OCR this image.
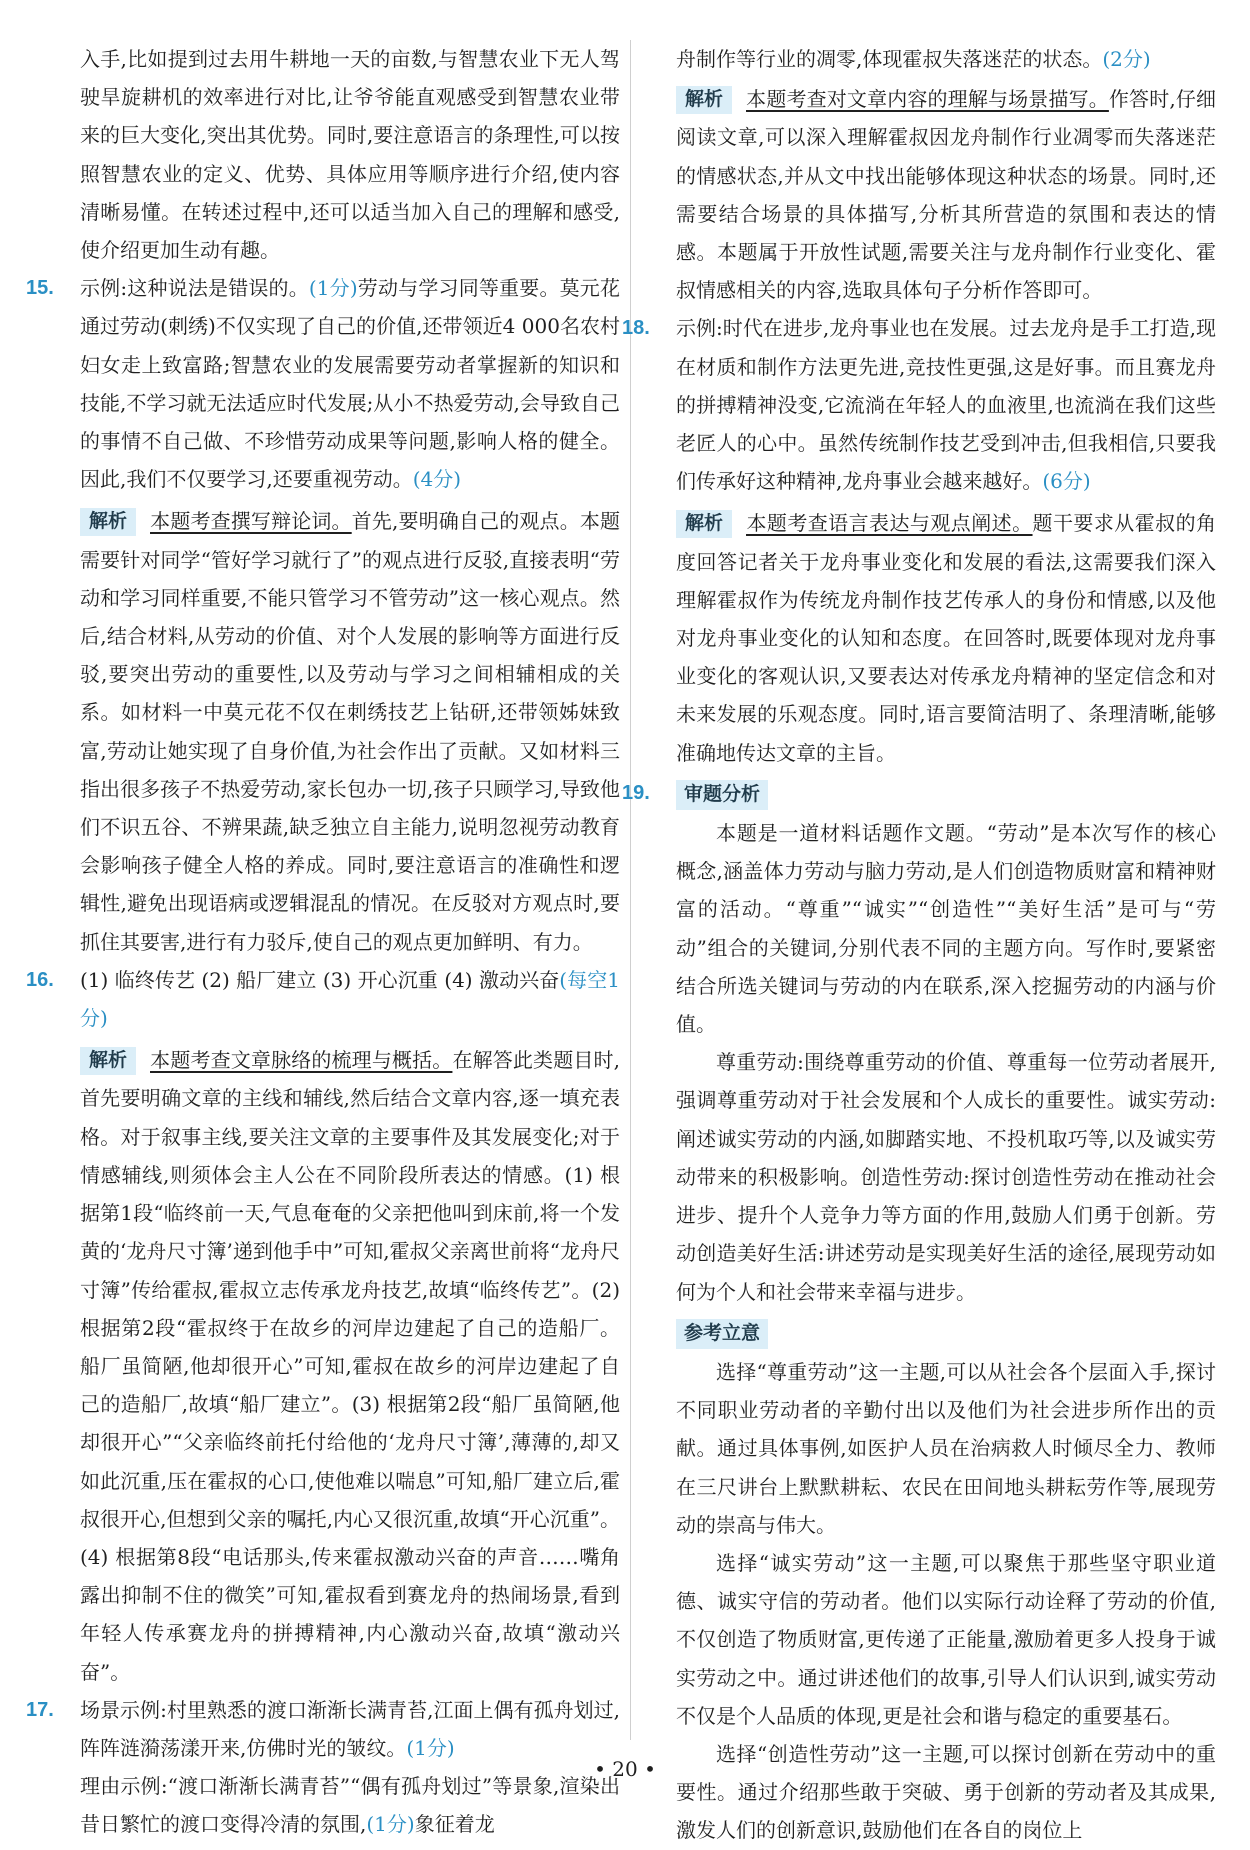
入手,比如提到过去用牛耕地一天的亩数,与智慧农业下无人驾驶旱旋耕机的效率进行对比,让爷爷能直观感受到智慧农业带来的巨大变化,突出其优势。同时,要注意语言的条理性,可以按照智慧农业的定义、优势、具体应用等顺序进行介绍,使内容清晰易懂。在转述过程中,还可以适当加入自己的理解和感受,使介绍更加生动有趣。

15. 示例:这种说法是错误的。(1分)劳动与学习同等重要。莫元花通过劳动(刺绣)不仅实现了自己的价值,还带领近4 000名农村妇女走上致富路;智慧农业的发展需要劳动者掌握新的知识和技能,不学习就无法适应时代发展;从小不热爱劳动,会导致自己的事情不自己做、不珍惜劳动成果等问题,影响人格的健全。因此,我们不仅要学习,还要重视劳动。(4分)

解析 本题考查撰写辩论词。首先,要明确自己的观点。本题需要针对同学“管好学习就行了”的观点进行反驳,直接表明“劳动和学习同样重要,不能只管学习不管劳动”这一核心观点。然后,结合材料,从劳动的价值、对个人发展的影响等方面进行反驳,要突出劳动的重要性,以及劳动与学习之间相辅相成的关系。如材料一中莫元花不仅在刺绣技艺上钻研,还带领姊妹致富,劳动让她实现了自身价值,为社会作出了贡献。又如材料三指出很多孩子不热爱劳动,家长包办一切,孩子只顾学习,导致他们不识五谷、不辨果蔬,缺乏独立自主能力,说明忽视劳动教育会影响孩子健全人格的养成。同时,要注意语言的准确性和逻辑性,避免出现语病或逻辑混乱的情况。在反驳对方观点时,要抓住其要害,进行有力驳斥,使自己的观点更加鲜明、有力。

16. (1) 临终传艺 (2) 船厂建立 (3) 开心沉重 (4) 激动兴奋(每空1分)

解析 本题考查文章脉络的梳理与概括。在解答此类题目时,首先要明确文章的主线和辅线,然后结合文章内容,逐一填充表格。对于叙事主线,要关注文章的主要事件及其发展变化;对于情感辅线,则须体会主人公在不同阶段所表达的情感。(1) 根据第1段“临终前一天,气息奄奄的父亲把他叫到床前,将一个发黄的‘龙舟尺寸簿’递到他手中”可知,霍叔父亲离世前将“龙舟尺寸簿”传给霍叔,霍叔立志传承龙舟技艺,故填“临终传艺”。(2) 根据第2段“霍叔终于在故乡的河岸边建起了自己的造船厂。船厂虽简陋,他却很开心”可知,霍叔在故乡的河岸边建起了自己的造船厂,故填“船厂建立”。(3) 根据第2段“船厂虽简陋,他却很开心”“父亲临终前托付给他的‘龙舟尺寸簿’,薄薄的,却又如此沉重,压在霍叔的心口,使他难以喘息”可知,船厂建立后,霍叔很开心,但想到父亲的嘱托,内心又很沉重,故填“开心沉重”。(4) 根据第8段“电话那头,传来霍叔激动兴奋的声音……嘴角露出抑制不住的微笑”可知,霍叔看到赛龙舟的热闹场景,看到年轻人传承赛龙舟的拼搏精神,内心激动兴奋,故填“激动兴奋”。

17. 场景示例:村里熟悉的渡口渐渐长满青苔,江面上偶有孤舟划过,阵阵涟漪荡漾开来,仿佛时光的皱纹。(1分)

理由示例:“渡口渐渐长满青苔”“偶有孤舟划过”等景象,渲染出昔日繁忙的渡口变得冷清的氛围,(1分)象征着龙

舟制作等行业的凋零,体现霍叔失落迷茫的状态。(2分)

解析 本题考查对文章内容的理解与场景描写。作答时,仔细阅读文章,可以深入理解霍叔因龙舟制作行业凋零而失落迷茫的情感状态,并从文中找出能够体现这种状态的场景。同时,还需要结合场景的具体描写,分析其所营造的氛围和表达的情感。本题属于开放性试题,需要关注与龙舟制作行业变化、霍叔情感相关的内容,选取具体句子分析作答即可。

18. 示例:时代在进步,龙舟事业也在发展。过去龙舟是手工打造,现在材质和制作方法更先进,竞技性更强,这是好事。而且赛龙舟的拼搏精神没变,它流淌在年轻人的血液里,也流淌在我们这些老匠人的心中。虽然传统制作技艺受到冲击,但我相信,只要我们传承好这种精神,龙舟事业会越来越好。(6分)

解析 本题考查语言表达与观点阐述。题干要求从霍叔的角度回答记者关于龙舟事业变化和发展的看法,这需要我们深入理解霍叔作为传统龙舟制作技艺传承人的身份和情感,以及他对龙舟事业变化的认知和态度。在回答时,既要体现对龙舟事业变化的客观认识,又要表达对传承龙舟精神的坚定信念和对未来发展的乐观态度。同时,语言要简洁明了、条理清晰,能够准确地传达文章的主旨。

19. 审题分析

本题是一道材料话题作文题。“劳动”是本次写作的核心概念,涵盖体力劳动与脑力劳动,是人们创造物质财富和精神财富的活动。“尊重”“诚实”“创造性”“美好生活”是可与“劳动”组合的关键词,分别代表不同的主题方向。写作时,要紧密结合所选关键词与劳动的内在联系,深入挖掘劳动的内涵与价值。

尊重劳动:围绕尊重劳动的价值、尊重每一位劳动者展开,强调尊重劳动对于社会发展和个人成长的重要性。诚实劳动:阐述诚实劳动的内涵,如脚踏实地、不投机取巧等,以及诚实劳动带来的积极影响。创造性劳动:探讨创造性劳动在推动社会进步、提升个人竞争力等方面的作用,鼓励人们勇于创新。劳动创造美好生活:讲述劳动是实现美好生活的途径,展现劳动如何为个人和社会带来幸福与进步。

参考立意

选择“尊重劳动”这一主题,可以从社会各个层面入手,探讨不同职业劳动者的辛勤付出以及他们为社会进步所作出的贡献。通过具体事例,如医护人员在治病救人时倾尽全力、教师在三尺讲台上默默耕耘、农民在田间地头耕耘劳作等,展现劳动的崇高与伟大。

选择“诚实劳动”这一主题,可以聚焦于那些坚守职业道德、诚实守信的劳动者。他们以实际行动诠释了劳动的价值,不仅创造了物质财富,更传递了正能量,激励着更多人投身于诚实劳动之中。通过讲述他们的故事,引导人们认识到,诚实劳动不仅是个人品质的体现,更是社会和谐与稳定的重要基石。

选择“创造性劳动”这一主题,可以探讨创新在劳动中的重要性。通过介绍那些敢于突破、勇于创新的劳动者及其成果,激发人们的创新意识,鼓励他们在各自的岗位上

• 20 •
